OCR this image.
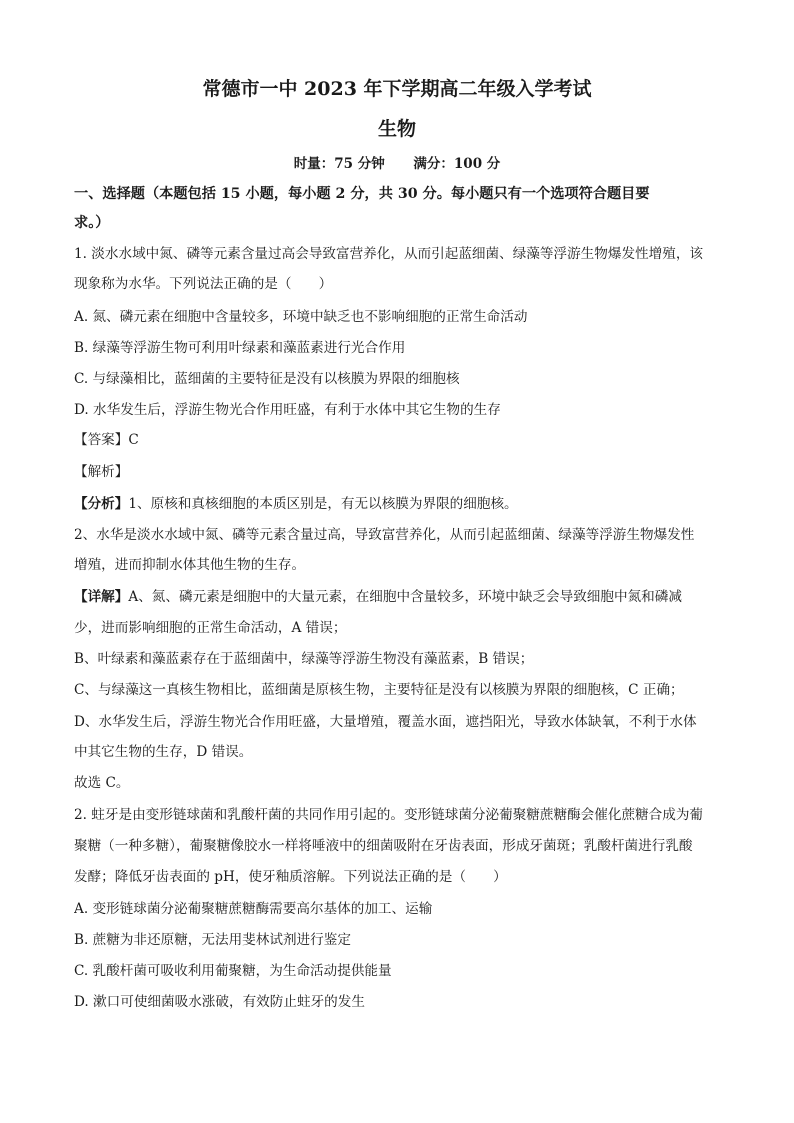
常德市一中 2023 年下学期高二年级入学考试
生物
时量：75 分钟 满分：100 分
一、选择题（本题包括 15 小题，每小题 2 分，共 30 分。每小题只有一个选项符合题目要
求。）
1. 淡水水域中氮、磷等元素含量过高会导致富营养化，从而引起蓝细菌、绿藻等浮游生物爆发性增殖，该
现象称为水华。下列说法正确的是（　　）
A. 氮、磷元素在细胞中含量较多，环境中缺乏也不影响细胞的正常生命活动
B. 绿藻等浮游生物可利用叶绿素和藻蓝素进行光合作用
C. 与绿藻相比，蓝细菌的主要特征是没有以核膜为界限的细胞核
D. 水华发生后，浮游生物光合作用旺盛，有利于水体中其它生物的生存
【答案】C
【解析】
【分析】1、原核和真核细胞的本质区别是，有无以核膜为界限的细胞核。
2、水华是淡水水域中氮、磷等元素含量过高，导致富营养化，从而引起蓝细菌、绿藻等浮游生物爆发性
增殖，进而抑制水体其他生物的生存。
【详解】A、氮、磷元素是细胞中的大量元素，在细胞中含量较多，环境中缺乏会导致细胞中氮和磷减
少，进而影响细胞的正常生命活动，A 错误；
B、叶绿素和藻蓝素存在于蓝细菌中，绿藻等浮游生物没有藻蓝素，B 错误；
C、与绿藻这一真核生物相比，蓝细菌是原核生物，主要特征是没有以核膜为界限的细胞核，C 正确；
D、水华发生后，浮游生物光合作用旺盛，大量增殖，覆盖水面，遮挡阳光，导致水体缺氧，不利于水体
中其它生物的生存，D 错误。
故选 C。
2. 蛀牙是由变形链球菌和乳酸杆菌的共同作用引起的。变形链球菌分泌葡聚糖蔗糖酶会催化蔗糖合成为葡
聚糖（一种多糖），葡聚糖像胶水一样将唾液中的细菌吸附在牙齿表面，形成牙菌斑；乳酸杆菌进行乳酸
发酵；降低牙齿表面的 pH，使牙釉质溶解。下列说法正确的是（　　）
A. 变形链球菌分泌葡聚糖蔗糖酶需要高尔基体的加工、运输
B. 蔗糖为非还原糖，无法用斐林试剂进行鉴定
C. 乳酸杆菌可吸收利用葡聚糖，为生命活动提供能量
D. 漱口可使细菌吸水涨破，有效防止蛀牙的发生
